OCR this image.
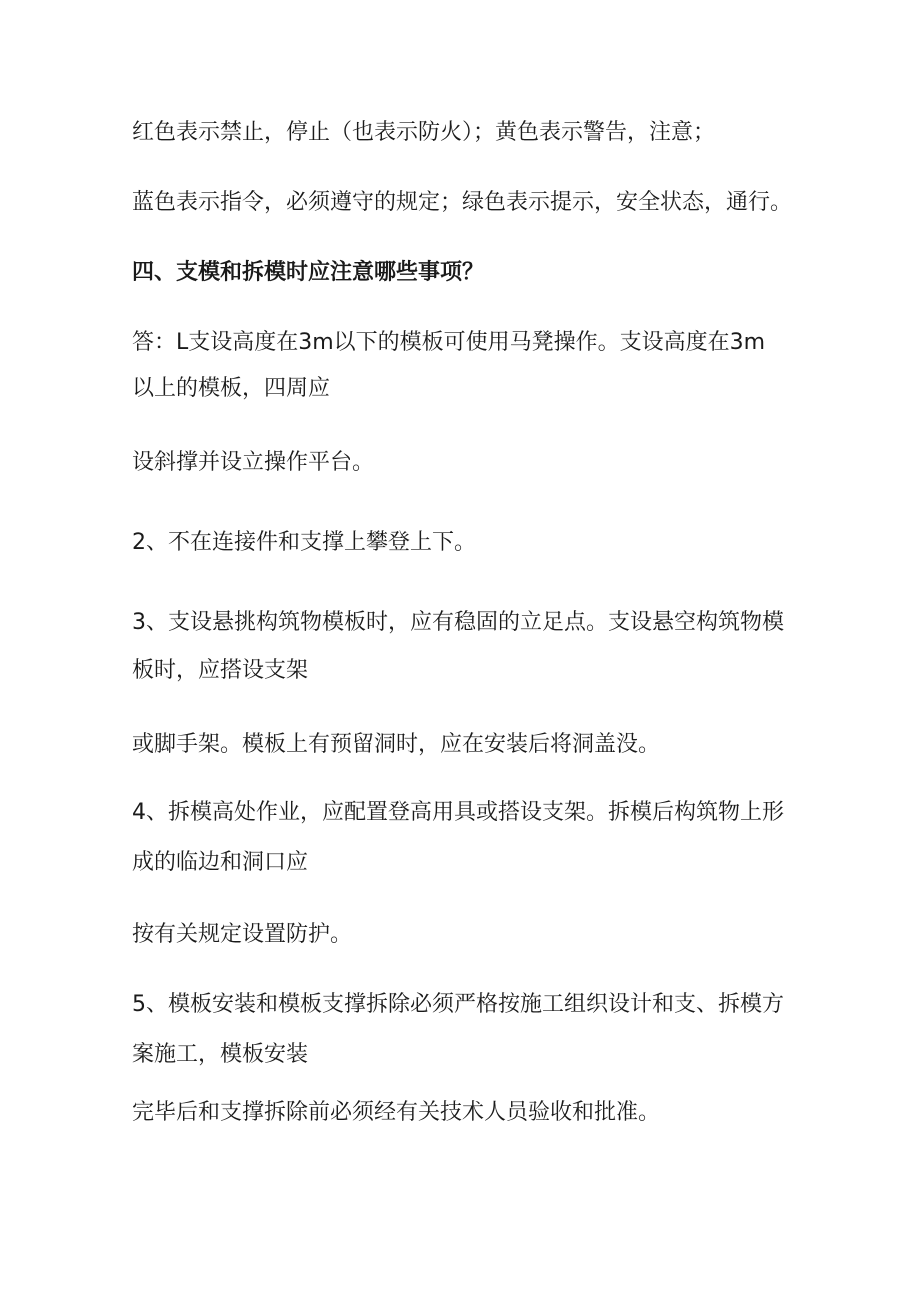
红色表示禁止，停止（也表示防火）；黄色表示警告，注意；

蓝色表示指令，必须遵守的规定；绿色表示提示，安全状态，通行。

四、支模和拆模时应注意哪些事项？

答：L支设高度在3m以下的模板可使用马凳操作。支设高度在3m

以上的模板，四周应

设斜撑并设立操作平台。

2、不在连接件和支撑上攀登上下。

3、支设悬挑构筑物模板时，应有稳固的立足点。支设悬空构筑物模

板时，应搭设支架

或脚手架。模板上有预留洞时，应在安装后将洞盖没。

4、拆模高处作业，应配置登高用具或搭设支架。拆模后构筑物上形

成的临边和洞口应

按有关规定设置防护。

5、模板安装和模板支撑拆除必须严格按施工组织设计和支、拆模方

案施工，模板安装

完毕后和支撑拆除前必须经有关技术人员验收和批准。
